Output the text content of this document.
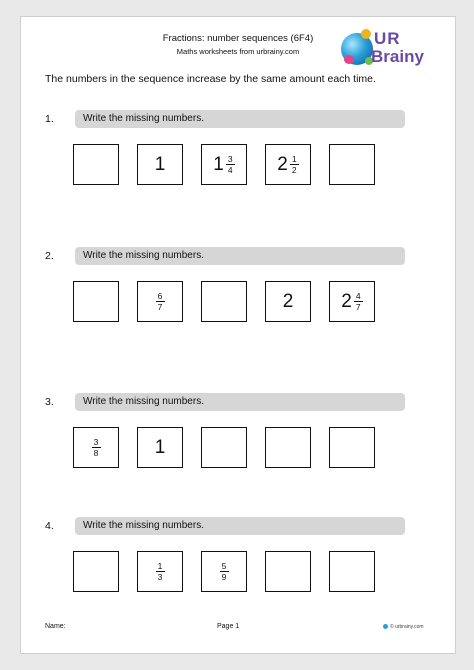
Fractions: number sequences (6F4)
Maths worksheets from urbrainy.com
UR
Brainy
The numbers in the sequence increase by the same amount each time.
1.	Write the missing numbers.
1	$1 \frac{3}{4} 2 \frac{1}{2}$
2.	Write the missing numbers.
$\frac{6}{7}$	2	$2 \frac{4}{7}$
3.	Write the missing numbers.
$\frac{3}{8}$	1
4.	Write the missing numbers.
$\frac{1}{3}$	$\frac{5}{9}$
Name:	Page 1	© urbrainy.com
